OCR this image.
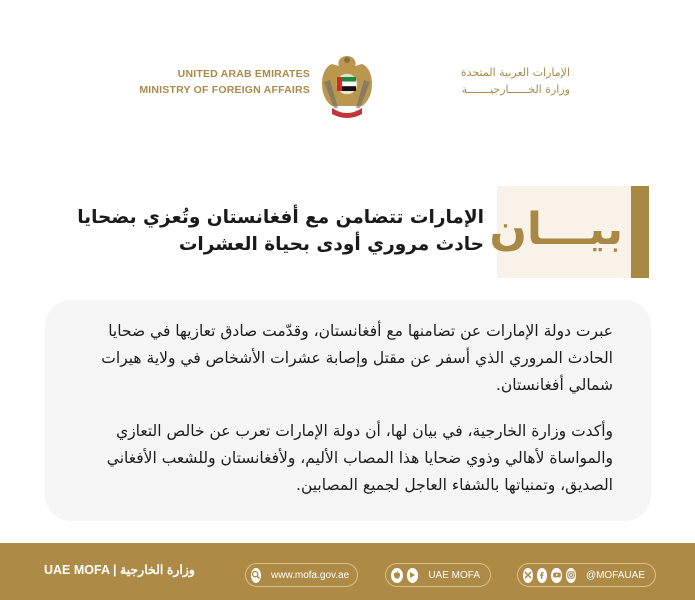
UNITED ARAB EMIRATES
MINISTRY OF FOREIGN AFFAIRS
الإمارات العربية المتحدة
وزارة الخــــــارجيـــــــة
الإمارات تتضامن مع أفغانستان وتُعزي بضحايا
حادث مروري أودى بحياة العشرات بيـــان

عبرت دولة الإمارات عن تضامنها مع أفغانستان، وقدّمت صادق تعازيها في ضحايا الحادث المروري الذي أسفر عن مقتل وإصابة عشرات الأشخاص في ولاية هيرات شمالي أفغانستان.

وأكدت وزارة الخارجية، في بيان لها، أن دولة الإمارات تعرب عن خالص التعازي والمواساة لأهالي وذوي ضحايا هذا المصاب الأليم، ولأفغانستان وللشعب الأفغاني الصديق، وتمنياتها بالشفاء العاجل لجميع المصابين.

UAE MOFA | وزارة الخارجية	www.mofa.gov.ae	UAE MOFA	@MOFAUAE
